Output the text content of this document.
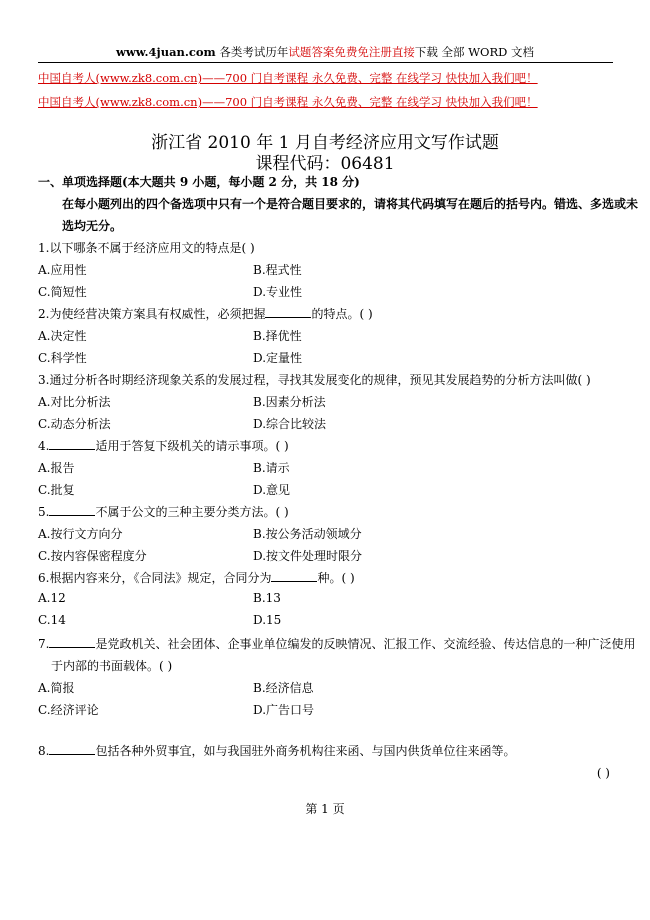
www.4juan.com 各类考试历年试题答案免费免注册直接下载 全部 WORD 文档
中国自考人(www.zk8.com.cn)——700 门自考课程 永久免费、完整 在线学习 快快加入我们吧！
中国自考人(www.zk8.com.cn)——700 门自考课程 永久免费、完整 在线学习 快快加入我们吧！
浙江省 2010 年 1 月自考经济应用文写作试题
课程代码：06481
一、单项选择题(本大题共 9 小题，每小题 2 分，共 18 分)
在每小题列出的四个备选项中只有一个是符合题目要求的，请将其代码填写在题后的括号内。错选、多选或未
选均无分。
1.以下哪条不属于经济应用文的特点是( )
A.应用性	B.程式性
C.简短性	D.专业性
2.为使经营决策方案具有权威性，必须把握	的特点。( )
A.决定性	B.择优性
C.科学性	D.定量性
3.通过分析各时期经济现象关系的发展过程，寻找其发展变化的规律，预见其发展趋势的分析方法叫做( )
A.对比分析法	B.因素分析法
C.动态分析法	D.综合比较法
4.	适用于答复下级机关的请示事项。( )
A.报告	B.请示
C.批复	D.意见
5.	不属于公文的三种主要分类方法。( )
A.按行文方向分	B.按公务活动领域分
C.按内容保密程度分	D.按文件处理时限分
6.根据内容来分，《合同法》规定，合同分为	种。( )
A.12	B.13
C.14	D.15
7.	是党政机关、社会团体、企事业单位编发的反映情况、汇报工作、交流经验、传达信息的一种广泛使用
于内部的书面载体。( )
A.简报	B.经济信息
C.经济评论	D.广告口号
8.	包括各种外贸事宜，如与我国驻外商务机构往来函、与国内供货单位往来函等。
( )
第 1 页
